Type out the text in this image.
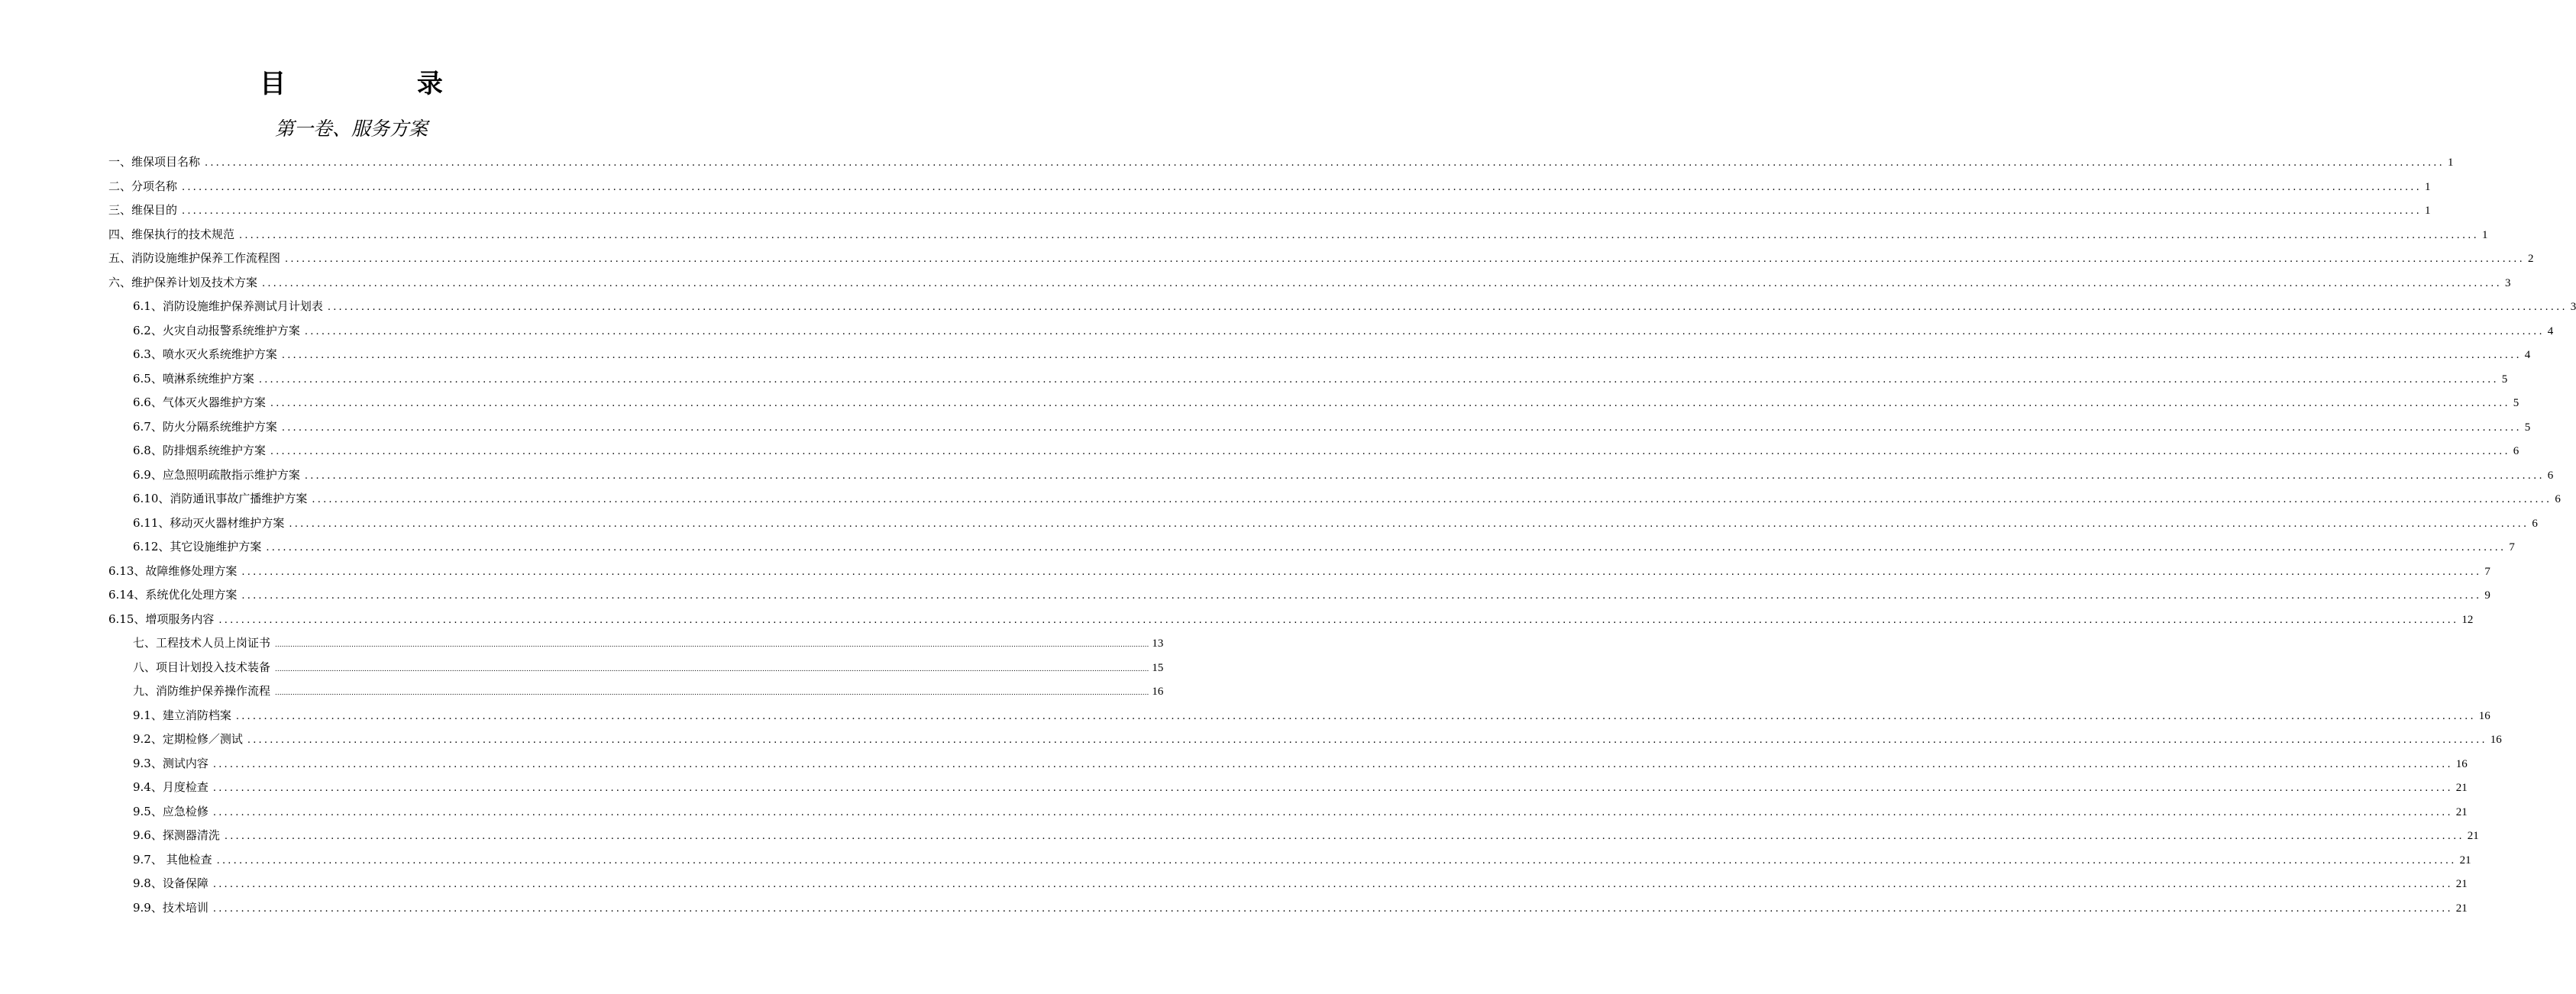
目 录
第一卷、服务方案
一、维保项目名称 ................................................................................................................................................................................................................................................................................................................................................................................................................ 1
二、分项名称 ................................................................................................................................................................................................................................................................................................................................................................................................................ 1
三、维保目的 ................................................................................................................................................................................................................................................................................................................................................................................................................ 1
四、维保执行的技术规范 ................................................................................................................................................................................................................................................................................................................................................................................................................ 1
五、消防设施维护保养工作流程图 ................................................................................................................................................................................................................................................................................................................................................................................................................ 2
六、维护保养计划及技术方案 ................................................................................................................................................................................................................................................................................................................................................................................................................ 3
6.1、消防设施维护保养测试月计划表 ................................................................................................................................................................................................................................................................................................................................................................................................................ 3
6.2、火灾自动报警系统维护方案 ................................................................................................................................................................................................................................................................................................................................................................................................................ 4
6.3、喷水灭火系统维护方案 ................................................................................................................................................................................................................................................................................................................................................................................................................ 4
6.5、喷淋系统维护方案 ................................................................................................................................................................................................................................................................................................................................................................................................................ 5
6.6、气体灭火器维护方案 ................................................................................................................................................................................................................................................................................................................................................................................................................ 5
6.7、防火分隔系统维护方案 ................................................................................................................................................................................................................................................................................................................................................................................................................ 5
6.8、防排烟系统维护方案 ................................................................................................................................................................................................................................................................................................................................................................................................................ 6
6.9、应急照明疏散指示维护方案 ................................................................................................................................................................................................................................................................................................................................................................................................................ 6
6.10、消防通讯事故广播维护方案 ................................................................................................................................................................................................................................................................................................................................................................................................................ 6
6.11、移动灭火器材维护方案 ................................................................................................................................................................................................................................................................................................................................................................................................................ 6
6.12、其它设施维护方案 ................................................................................................................................................................................................................................................................................................................................................................................................................ 7
6.13、故障维修处理方案 ................................................................................................................................................................................................................................................................................................................................................................................................................ 7
6.14、系统优化处理方案 ................................................................................................................................................................................................................................................................................................................................................................................................................ 9
6.15、增项服务内容 ................................................................................................................................................................................................................................................................................................................................................................................................................ 12
七、工程技术人员上岗证书 ................................................................................................................................................................................................................................................................................................................................................................................................................ 13
八、项目计划投入技术装备 ................................................................................................................................................................................................................................................................................................................................................................................................................ 15
九、消防维护保养操作流程 ................................................................................................................................................................................................................................................................................................................................................................................................................ 16
9.1、建立消防档案 ................................................................................................................................................................................................................................................................................................................................................................................................................ 16
9.2、定期检修／测试 ................................................................................................................................................................................................................................................................................................................................................................................................................ 16
9.3、测试内容 ................................................................................................................................................................................................................................................................................................................................................................................................................ 16
9.4、月度检查 ................................................................................................................................................................................................................................................................................................................................................................................................................ 21
9.5、应急检修 ................................................................................................................................................................................................................................................................................................................................................................................................................ 21
9.6、探测器清洗 ................................................................................................................................................................................................................................................................................................................................................................................................................ 21
9.7、 其他检查 ................................................................................................................................................................................................................................................................................................................................................................................................................ 21
9.8、设备保障 ................................................................................................................................................................................................................................................................................................................................................................................................................ 21
9.9、技术培训 ................................................................................................................................................................................................................................................................................................................................................................................................................ 21
